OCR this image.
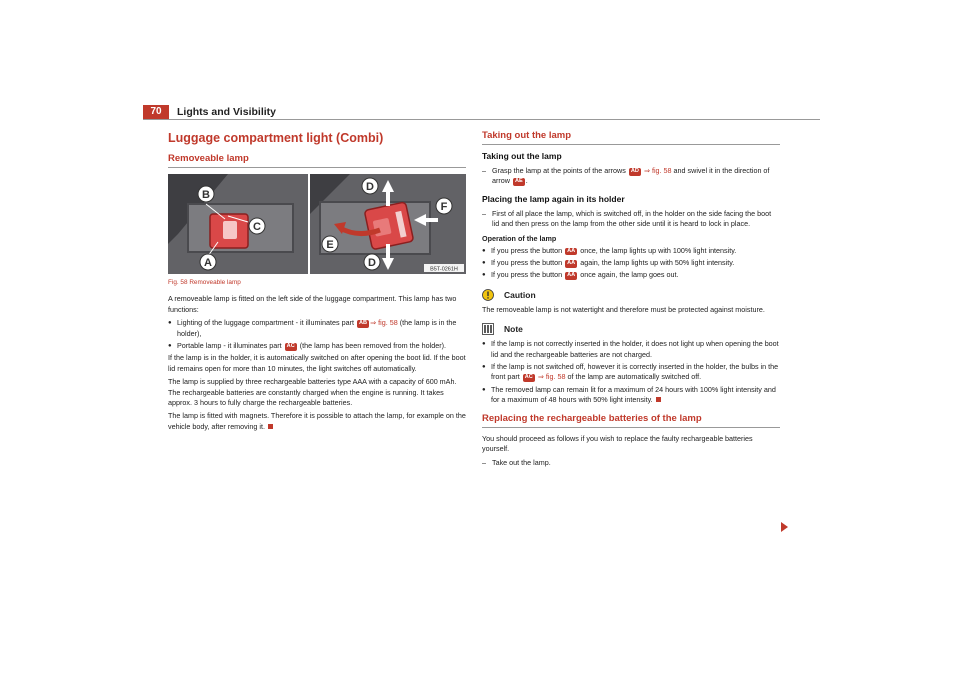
70	Lights and Visibility
Luggage compartment light (Combi)
Removeable lamp
B
C
A
D
F
E
D
B5T-0261H
Fig. 58 Removeable lamp

A removeable lamp is fitted on the left side of the luggage compartment. This lamp has two functions:

● Lighting of the luggage compartment - it illuminates part AB ⇒ fig. 58 (the lamp is in the holder),
● Portable lamp - it illuminates part AC (the lamp has been removed from the holder).

If the lamp is in the holder, it is automatically switched on after opening the boot lid. If the boot lid remains open for more than 10 minutes, the light switches off automatically.

The lamp is supplied by three rechargeable batteries type AAA with a capacity of 600 mAh. The rechargeable batteries are constantly charged when the engine is running. It takes approx. 3 hours to fully charge the rechargeable batteries.

The lamp is fitted with magnets. Therefore it is possible to attach the lamp, for example on the vehicle body, after removing it.

Taking out the lamp
Taking out the lamp
– Grasp the lamp at the points of the arrows AD ⇒ fig. 58 and swivel it in the direction of arrow AE .
Placing the lamp again in its holder
– First of all place the lamp, which is switched off, in the holder on the side facing the boot lid and then press on the lamp from the other side until it is heard to lock in place.
Operation of the lamp
● If you press the button AA once, the lamp lights up with 100% light intensity.
● If you press the button AA again, the lamp lights up with 50% light intensity.
● If you press the button AA once again, the lamp goes out.
Caution

The removeable lamp is not watertight and therefore must be protected against moisture.

Note
● If the lamp is not correctly inserted in the holder, it does not light up when opening the boot lid and the rechargeable batteries are not charged.
● If the lamp is not switched off, however it is correctly inserted in the holder, the bulbs in the front part AC ⇒ fig. 58 of the lamp are automatically switched off.
● The removed lamp can remain lit for a maximum of 24 hours with 100% light intensity and for a maximum of 48 hours with 50% light intensity.
Replacing the rechargeable batteries of the lamp

You should proceed as follows if you wish to replace the faulty rechargeable batteries yourself.

– Take out the lamp.
